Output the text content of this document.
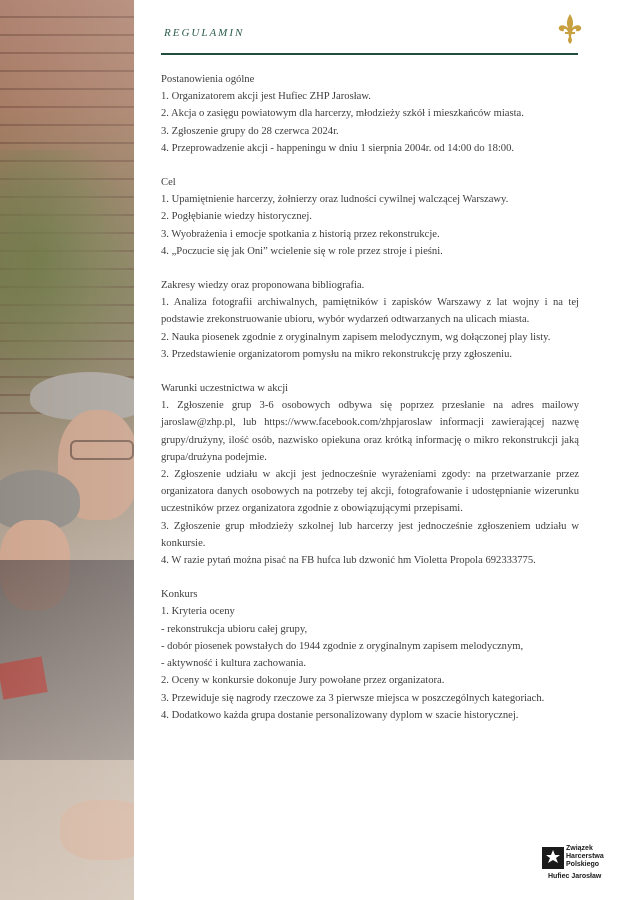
REGULAMIN

Postanowienia ogólne

1. Organizatorem akcji jest Hufiec ZHP Jarosław.

2. Akcja o zasięgu powiatowym dla harcerzy, młodzieży szkół i mieszkańców miasta.

3. Zgłoszenie grupy do 28 czerwca 2024r.

4. Przeprowadzenie akcji - happeningu w dniu 1 sierpnia 2004r. od 14:00 do 18:00.

Cel

1. Upamiętnienie harcerzy, żołnierzy oraz ludności cywilnej walczącej Warszawy.

2. Pogłębianie wiedzy historycznej.

3. Wyobrażenia i emocje spotkania z historią przez rekonstrukcje.

4. „Poczucie się jak Oni” wcielenie się w role przez stroje i pieśni.

Zakresy wiedzy oraz proponowana bibliografia.

1. Analiza fotografii archiwalnych, pamiętników i zapisków Warszawy z lat wojny i na tej podstawie zrekonstruowanie ubioru, wybór wydarzeń odtwarzanych na ulicach miasta.

2. Nauka piosenek zgodnie z oryginalnym zapisem melodycznym, wg dołączonej play listy.

3. Przedstawienie organizatorom pomysłu na mikro rekonstrukcję przy zgłoszeniu.

Warunki uczestnictwa w akcji

1. Zgłoszenie grup 3-6 osobowych odbywa się poprzez przesłanie na adres mailowy jaroslaw@zhp.pl, lub https://www.facebook.com/zhpjaroslaw informacji zawierającej nazwę grupy/drużyny, ilość osób, nazwisko opiekuna oraz krótką informację o mikro rekonstrukcji jaką grupa/drużyna podejmie.

2. Zgłoszenie udziału w akcji jest jednocześnie wyrażeniami zgody: na przetwarzanie przez organizatora danych osobowych na potrzeby tej akcji, fotografowanie i udostępnianie wizerunku uczestników przez organizatora zgodnie z obowiązującymi przepisami.

3. Zgłoszenie grup młodzieży szkolnej lub harcerzy jest jednocześnie zgłoszeniem udziału w konkursie.

4. W razie pytań można pisać na FB hufca lub dzwonić hm Violetta Propola 692333775.

Konkurs

1. Kryteria oceny

- rekonstrukcja ubioru całej grupy,

- dobór piosenek powstałych do 1944 zgodnie z oryginalnym zapisem melodycznym,

- aktywność i kultura zachowania.

2. Oceny w konkursie dokonuje Jury powołane przez organizatora.

3. Przewiduje się nagrody rzeczowe za 3 pierwsze miejsca w poszczególnych kategoriach.

4. Dodatkowo każda grupa dostanie personalizowany dyplom w szacie historycznej.

Związek
Harcerstwa
Polskiego
Hufiec Jarosław
